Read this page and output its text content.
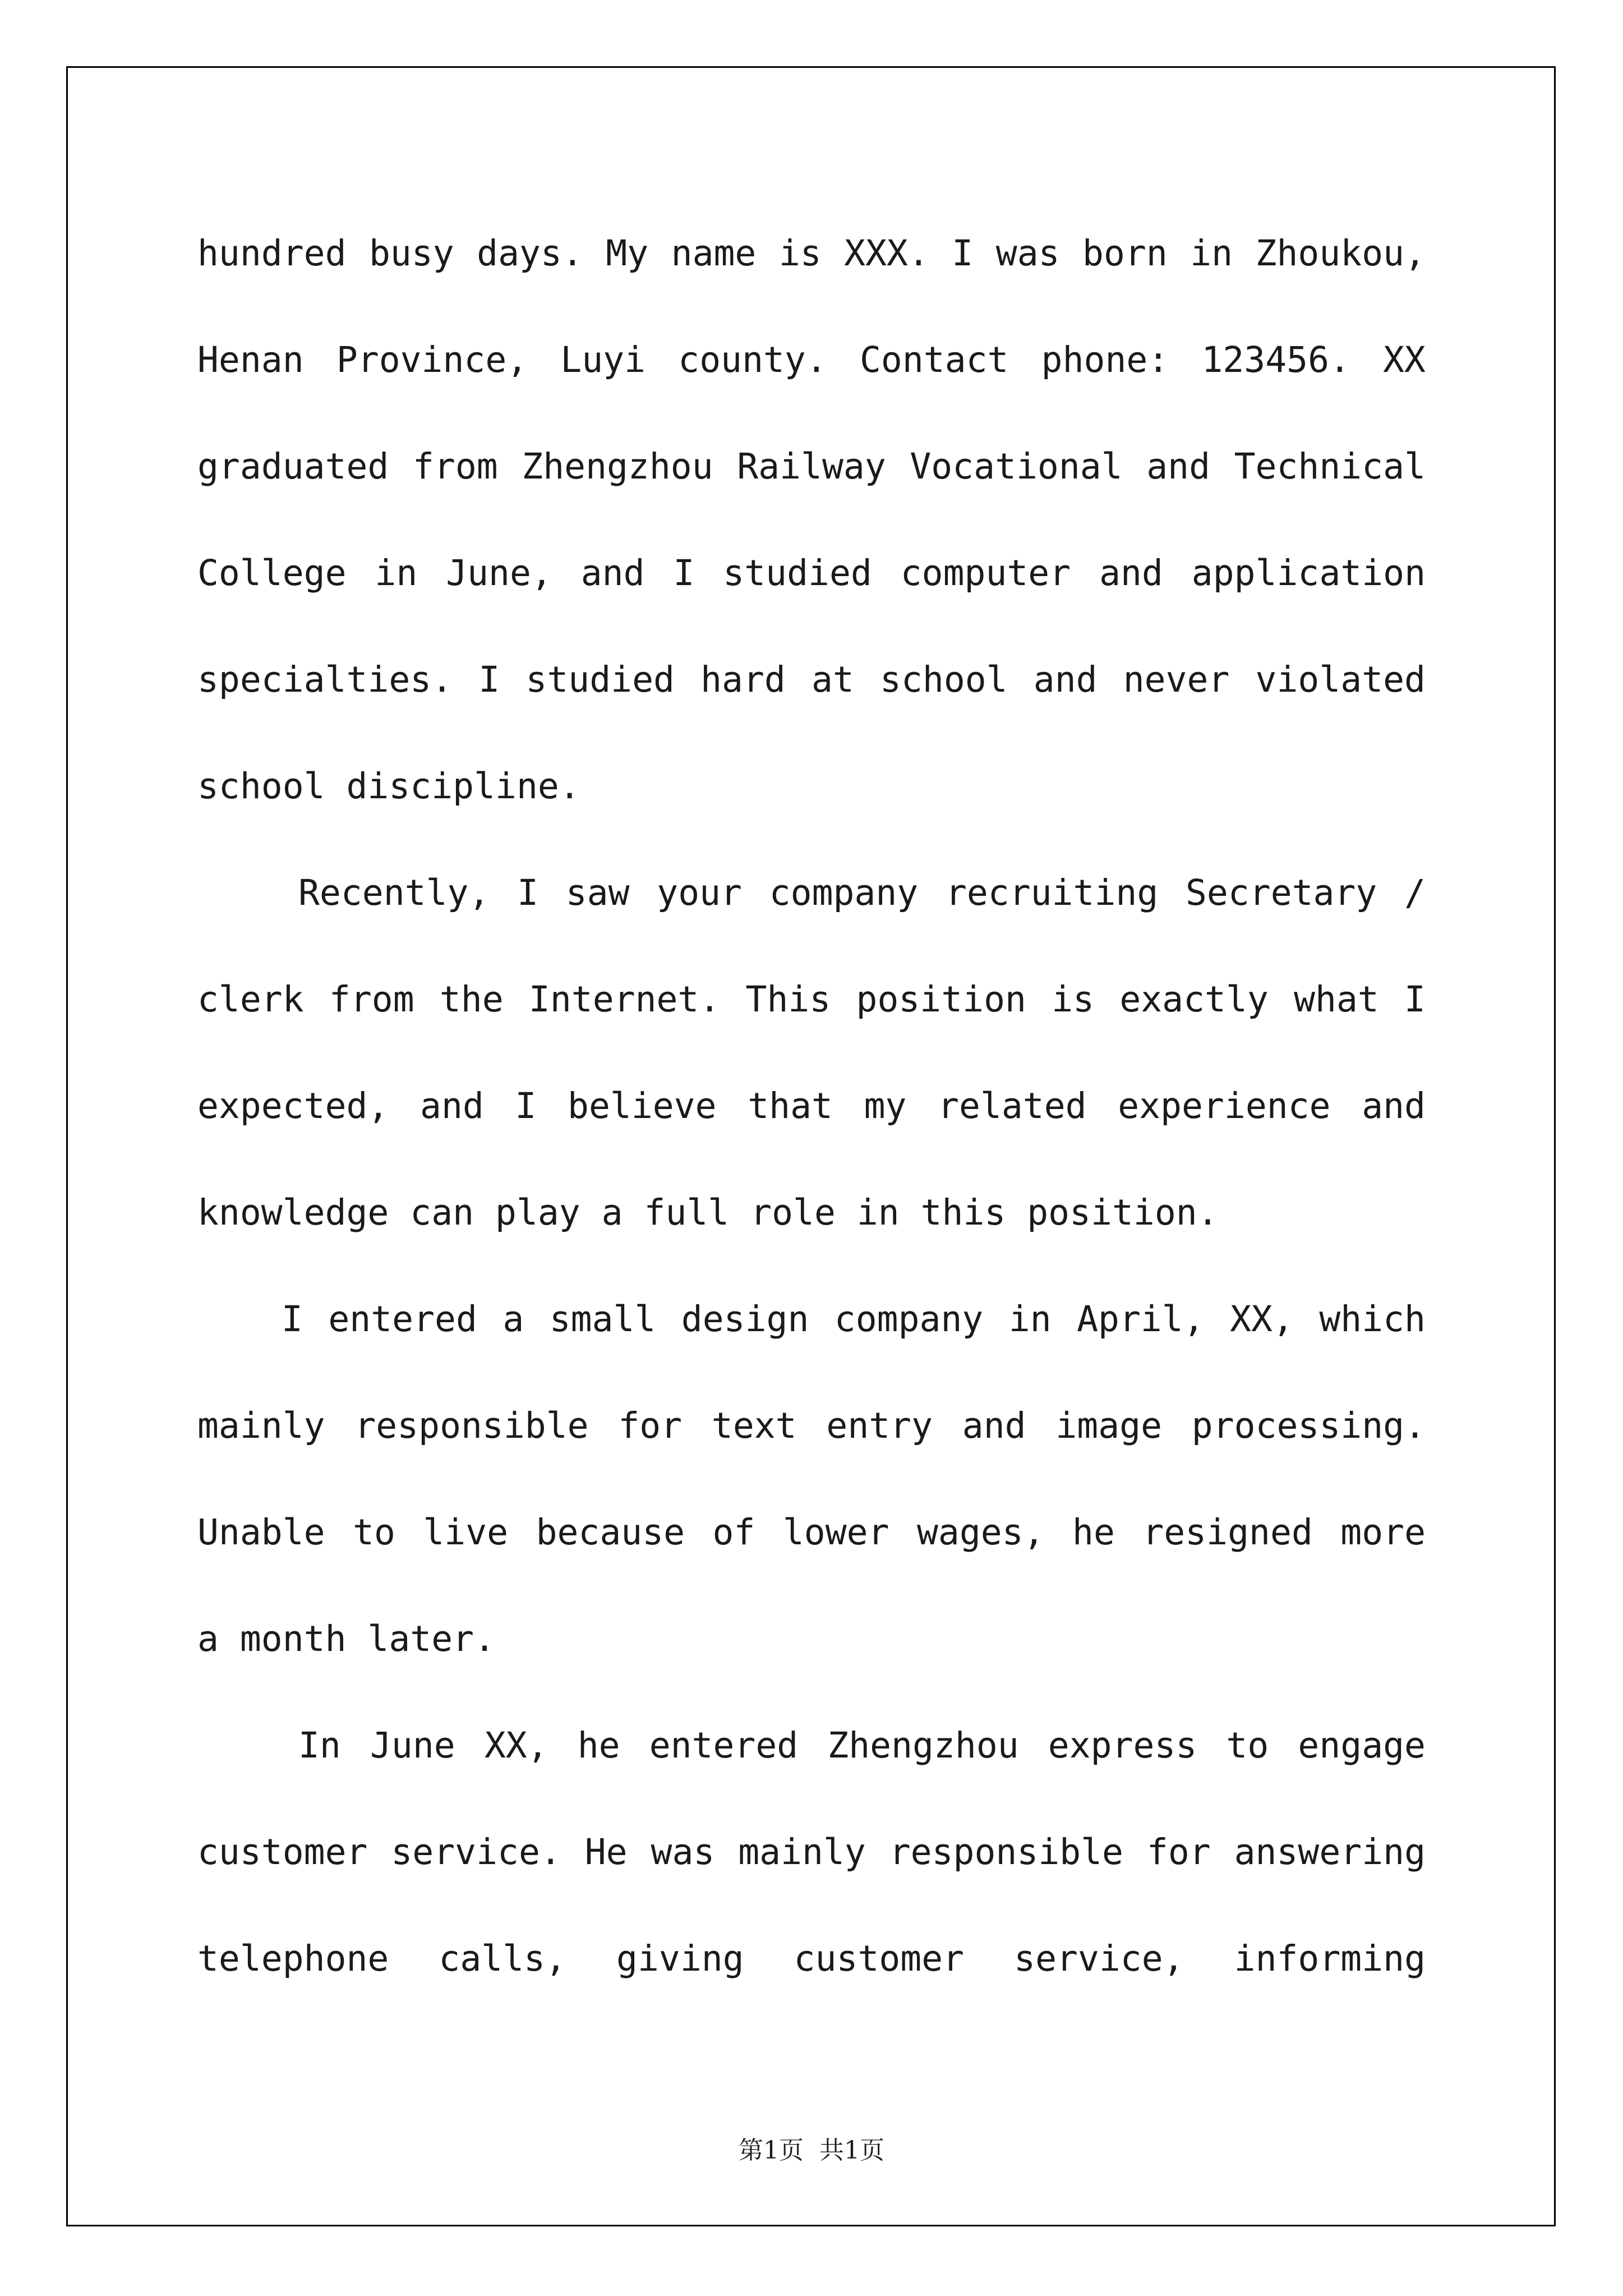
hundred busy days. My name is XXX. I was born in Zhoukou,
Henan Province, Luyi county. Contact phone: 123456. XX
graduated from Zhengzhou Railway Vocational and Technical
College in June, and I studied computer and application
specialties. I studied hard at school and never violated
school discipline.
Recently, I saw your company recruiting Secretary /
clerk from the Internet. This position is exactly what I
expected, and I believe that my related experience and
knowledge can play a full role in this position.
I entered a small design company in April, XX, which
mainly responsible for text entry and image processing.
Unable to live because of lower wages, he resigned more
a month later.
In June XX, he entered Zhengzhou express to engage
customer service. He was mainly responsible for answering
telephone calls, giving customer service, informing
第1页  共1页
